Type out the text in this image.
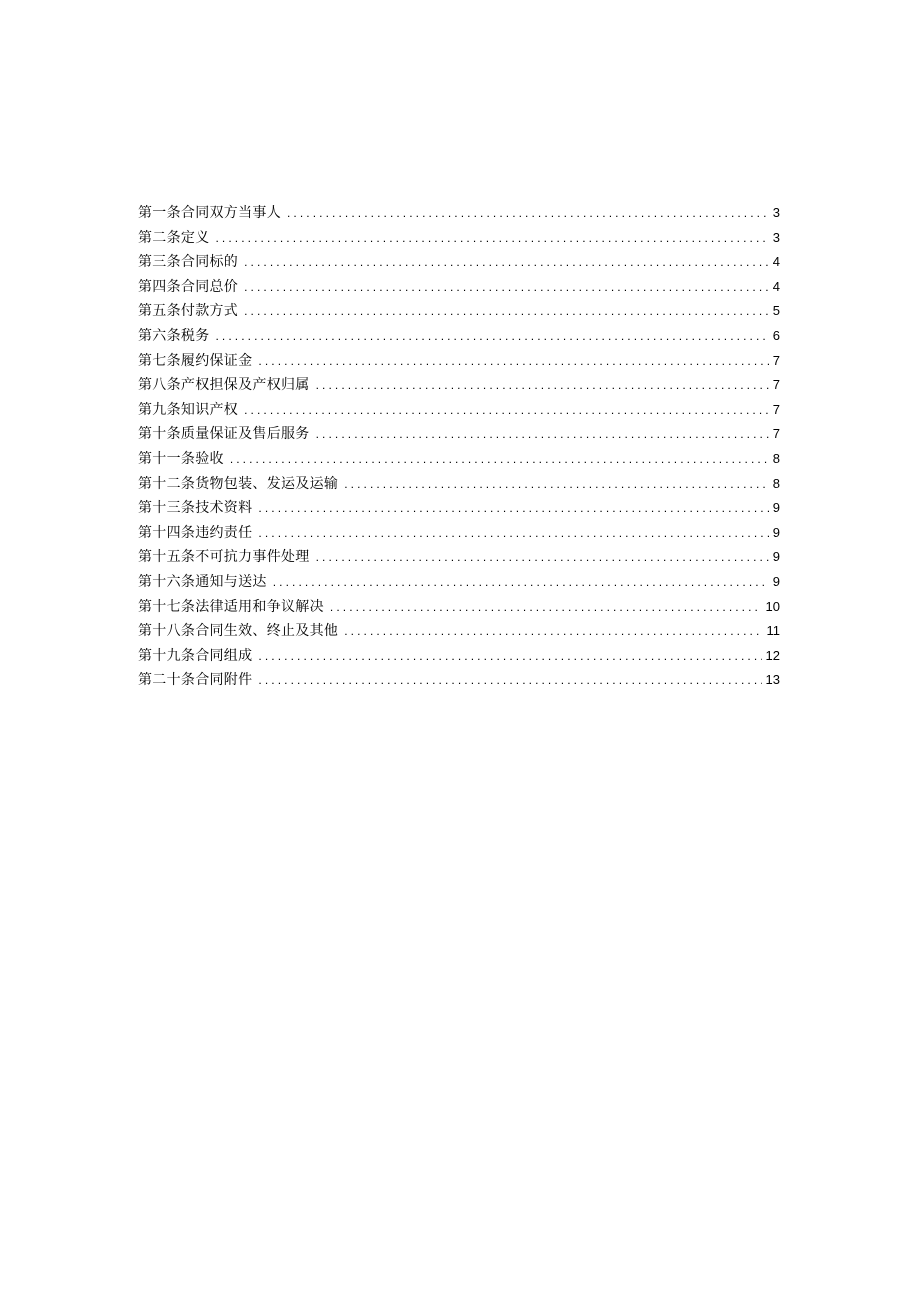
第一条合同双方当事人 .....	3
第二条定义 .....	3
第三条合同标的 .....	4
第四条合同总价 .....	4
第五条付款方式 .....	5
第六条税务 .....	6
第七条履约保证金 .....	7
第八条产权担保及产权归属 .....	7
第九条知识产权 .....	7
第十条质量保证及售后服务 .....	7
第十一条验收 .....	8
第十二条货物包装、发运及运输 .....	8
第十三条技术资料 .....	9
第十四条违约责任 .....	9
第十五条不可抗力事件处理 .....	9
第十六条通知与送达 .....	9
第十七条法律适用和争议解决 .....	10
第十八条合同生效、终止及其他 .....	11
第十九条合同组成 .....	12
第二十条合同附件 .....	13
